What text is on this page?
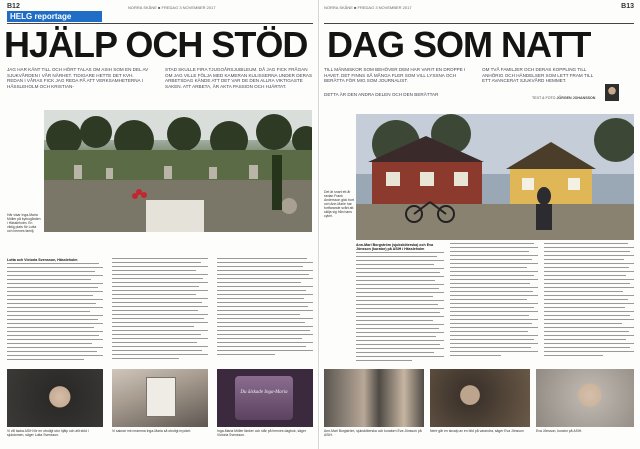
B12	NORRA SKÅNE ■ FREDAG 3 NOVEMBER 2017
HELG reportage
HJÄLP OCH STÖD
JAG HAR KÄNT TILL OCH HÖRT TALAS OM ASIH SOM EN DEL AV SJUKVÅRDEN I VÅR NÄRHET. TIDIGARE HETTE DET KVH. REDAN I VÅRAS FICK JAG REDA PÅ ATT VERKSAMHETERNA I HÄSSLEHOLM OCH KRISTIAN-
STAD SKULLE FIRA TJUGOÅRSJUBILEUM. DÅ JAG FICK FRÅGAN OM JAG VILLE FÖLJA MED KAMERAN KULISSERNA UNDER DERAS ARBETSDAG KÄNDE ATT DET VAR DE DEN ALLRA VIKTIGASTE SAKEN. ATT ARBETA, ÄR AKTA PASSION OCH HJÄRTAT.
Här visar Inga-Maria Möller på kyrkogården i Hässleholm. En viktig plats för Lotta och hennes familj.
Lotta och Victoria Svensson, Hässleholm
Du älskade Inga-Maria
Vi vill tacka ASIH för en otroligt stor hjälp och allt stöd i sjukdomen, säger Lotta Svensson.
Vi saknar min mamma Inga-Maria så otroligt mycket.	Inga-Maria Möller tänker och står på hennes dagbok, säger Victoria Svensson.
B13
NORRA SKÅNE ■ FREDAG 3 NOVEMBER 2017
DAG SOM NATT
TILL MÄNNISKOR SOM BEHÖVER DEM HAR VARIT EN DROPPE I HAVET. DET FINNS SÅ MÅNGA FLER SOM VILL LYSSNA OCH BERÄTTA FÖR MIG SOM JOURNALIST.
DETTA ÄR DEN ANDRA DELEN OCH DEN BERÄTTAR
OM TVÅ FAMILJER OCH DERAS KOPPLING TILL ANHÖRIG OCH HÄNDELSER SOM LETT FRAM TILL ETT AVANCERAT SJUKVÅRD HEMMET.
TEXT & FOTO JÖRGEN JOHANSSON
Det är snart ett år sedan Frank Andersson gick bort och Ann-Marie har fortfarande svårt att skilja sig från hans cykel.
Ann-Marl Borgström (sjuksköterska) och Eva Jönsson (kurator) på ASIH i Hässleholm
Ann-Marl Borgström, sjuksköterska och kuratorn Eva Jönsson på ASIH.
Nere går en skvalp av en bild på varandra, säger Eva Jönsson	Eva Jönsson, kurator på ASIH.
